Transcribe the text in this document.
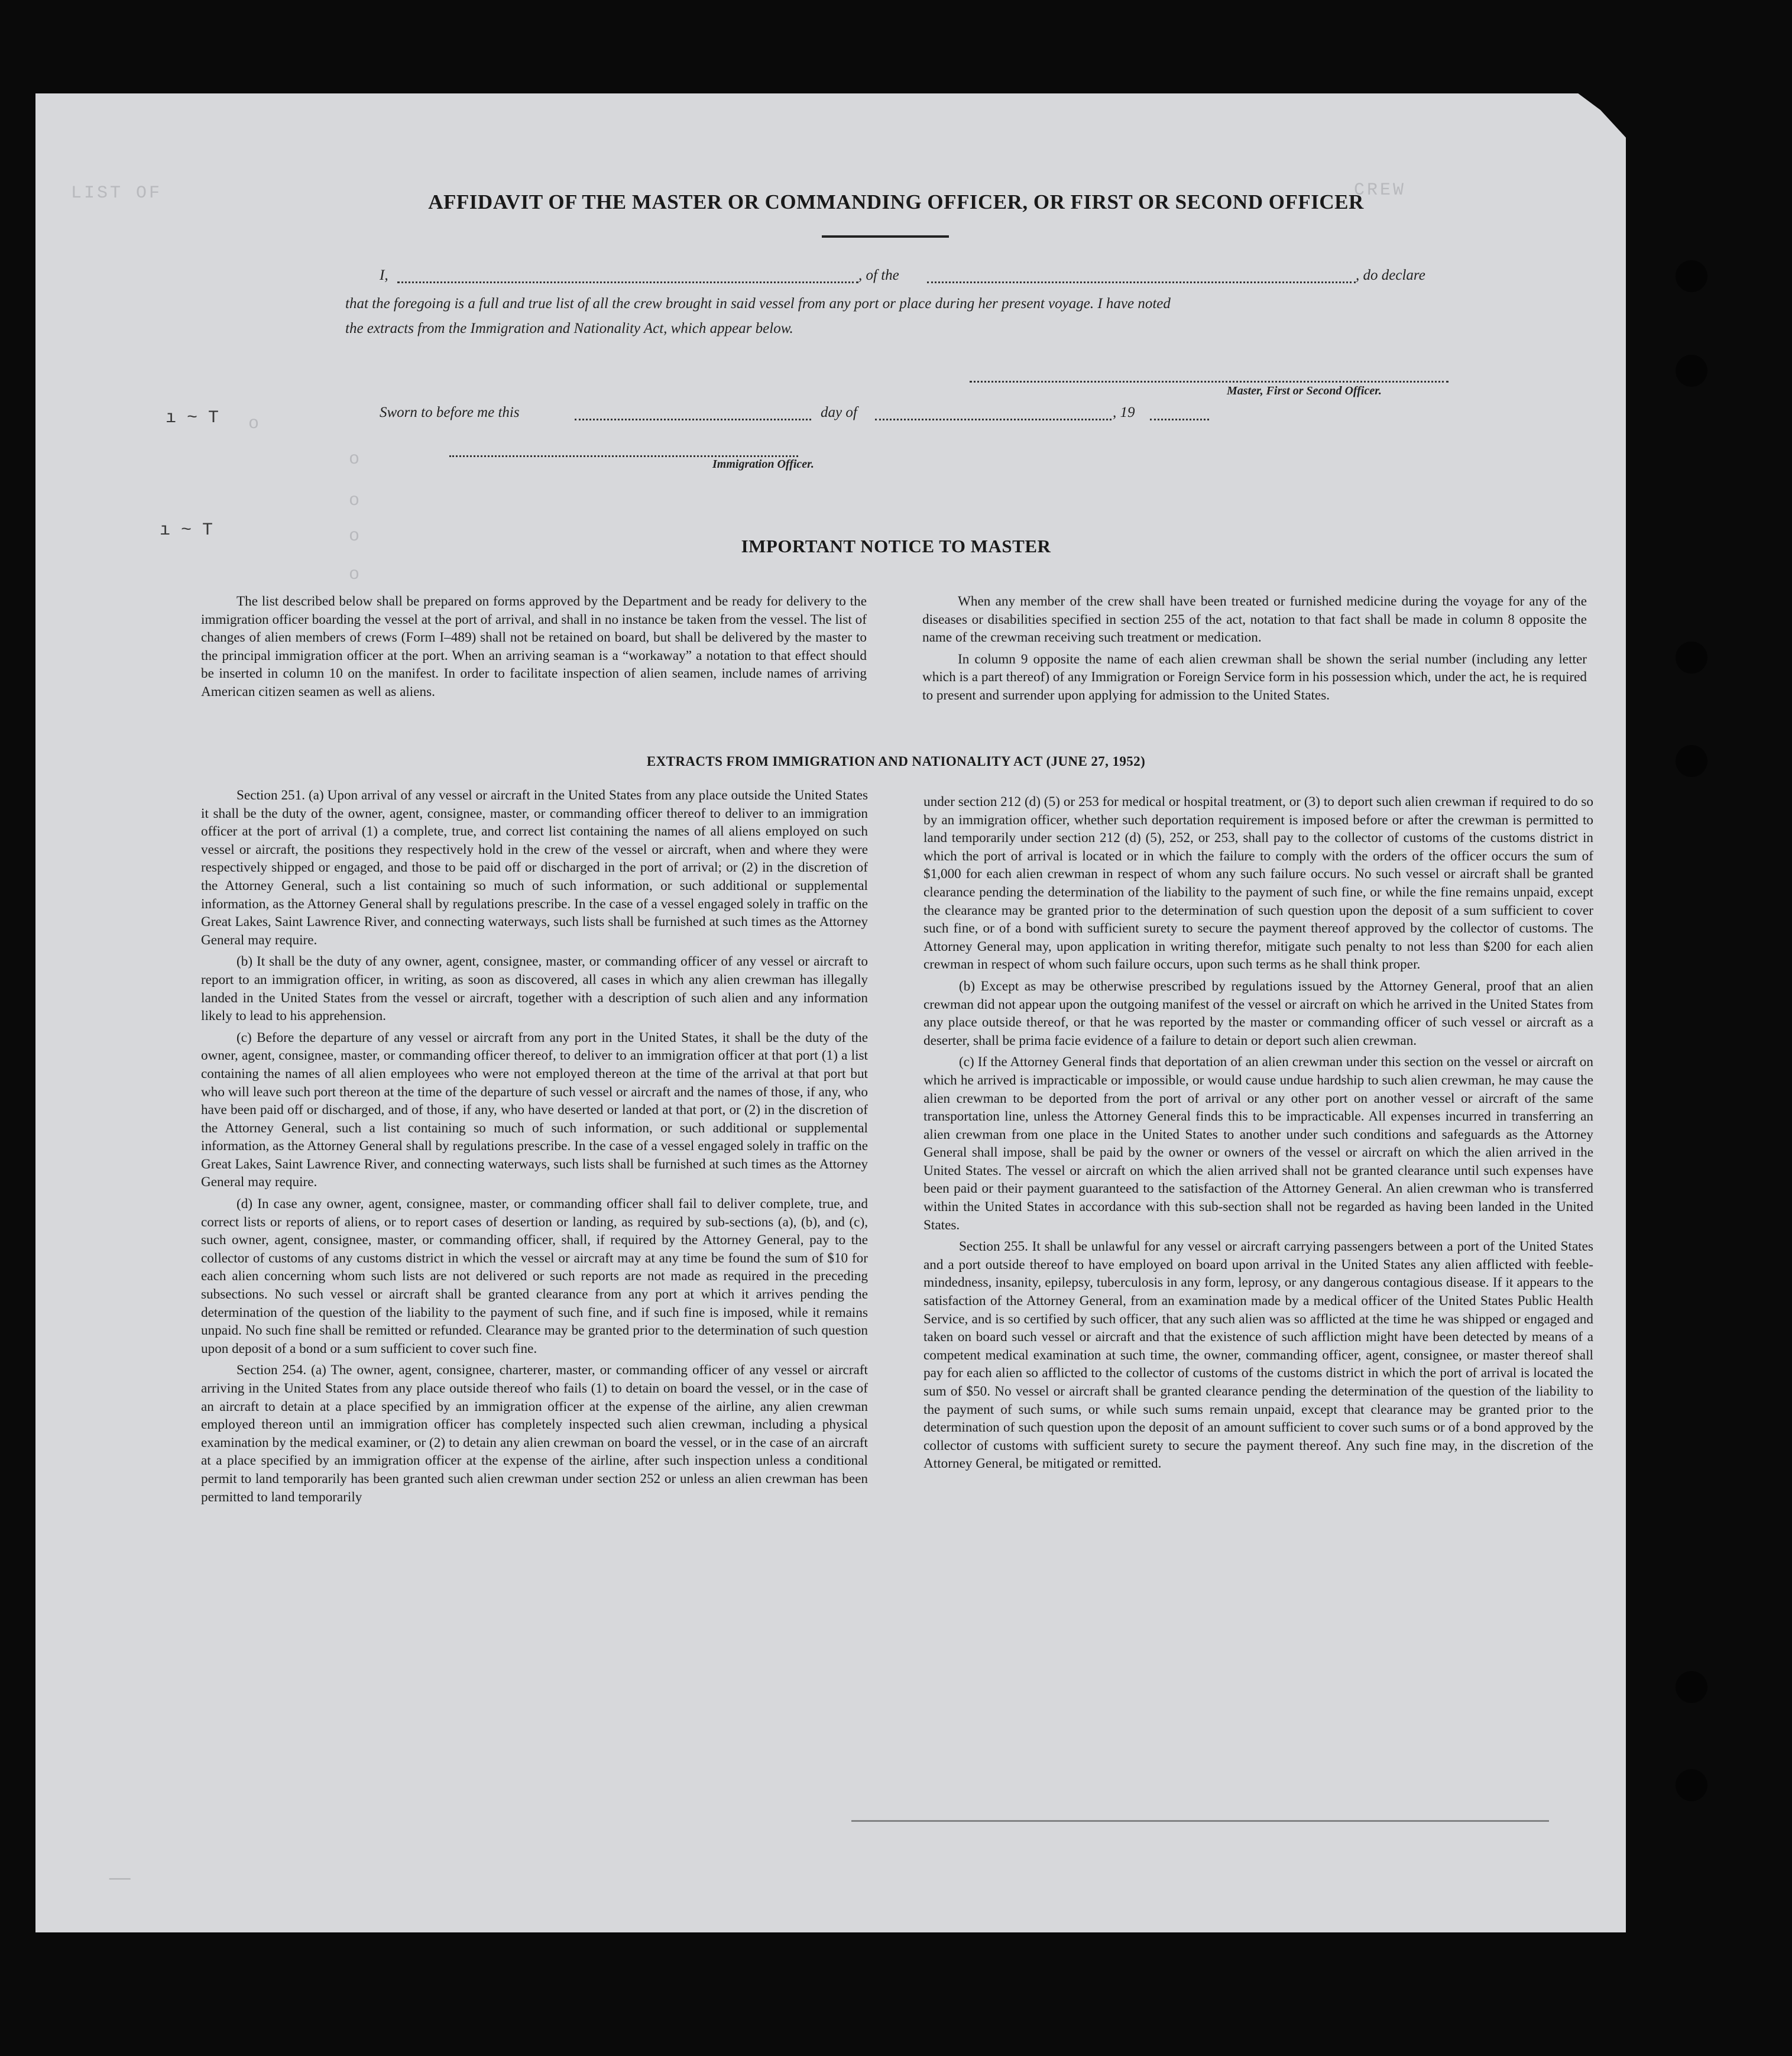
LIST OF	CREW
o
o
o
o
o
ı ~ T
ı ~ T
AFFIDAVIT OF THE MASTER OR COMMANDING OFFICER, OR FIRST OR SECOND OFFICER
I,	, of the	, do declare
that the foregoing is a full and true list of all the crew brought in said vessel from any port or place during her present voyage. I have noted
the extracts from the Immigration and Nationality Act, which appear below.
Master, First or Second Officer.
Sworn to before me this	day of	, 19
Immigration Officer.
IMPORTANT NOTICE TO MASTER

The list described below shall be prepared on forms approved by the Department and be ready for delivery to the immigration officer boarding the vessel at the port of arrival, and shall in no instance be taken from the vessel. The list of changes of alien members of crews (Form I–489) shall not be retained on board, but shall be delivered by the master to the principal immigration officer at the port. When an arriving seaman is a “workaway” a notation to that effect should be inserted in column 10 on the manifest. In order to facilitate inspection of alien seamen, include names of arriving American citizen seamen as well as aliens.

When any member of the crew shall have been treated or furnished medicine during the voyage for any of the diseases or disabilities specified in section 255 of the act, notation to that fact shall be made in column 8 opposite the name of the crewman receiving such treatment or medication.

In column 9 opposite the name of each alien crewman shall be shown the serial number (including any letter which is a part thereof) of any Immigration or Foreign Service form in his possession which, under the act, he is required to present and surrender upon applying for admission to the United States.

EXTRACTS FROM IMMIGRATION AND NATIONALITY ACT (JUNE 27, 1952)

Section 251. (a) Upon arrival of any vessel or aircraft in the United States from any place outside the United States it shall be the duty of the owner, agent, consignee, master, or commanding officer thereof to deliver to an immigration officer at the port of arrival (1) a complete, true, and correct list containing the names of all aliens employed on such vessel or aircraft, the positions they respectively hold in the crew of the vessel or aircraft, when and where they were respectively shipped or engaged, and those to be paid off or discharged in the port of arrival; or (2) in the discretion of the Attorney General, such a list containing so much of such information, or such additional or supplemental information, as the Attorney General shall by regulations prescribe. In the case of a vessel engaged solely in traffic on the Great Lakes, Saint Lawrence River, and connecting waterways, such lists shall be furnished at such times as the Attorney General may require.

(b) It shall be the duty of any owner, agent, consignee, master, or commanding officer of any vessel or aircraft to report to an immigration officer, in writing, as soon as discovered, all cases in which any alien crewman has illegally landed in the United States from the vessel or aircraft, together with a description of such alien and any information likely to lead to his apprehension.

(c) Before the departure of any vessel or aircraft from any port in the United States, it shall be the duty of the owner, agent, consignee, master, or commanding officer thereof, to deliver to an immigration officer at that port (1) a list containing the names of all alien employees who were not employed thereon at the time of the arrival at that port but who will leave such port thereon at the time of the departure of such vessel or aircraft and the names of those, if any, who have been paid off or discharged, and of those, if any, who have deserted or landed at that port, or (2) in the discretion of the Attorney General, such a list containing so much of such information, or such additional or supplemental information, as the Attorney General shall by regulations prescribe. In the case of a vessel engaged solely in traffic on the Great Lakes, Saint Lawrence River, and connecting waterways, such lists shall be furnished at such times as the Attorney General may require.

(d) In case any owner, agent, consignee, master, or commanding officer shall fail to deliver complete, true, and correct lists or reports of aliens, or to report cases of desertion or landing, as required by sub-sections (a), (b), and (c), such owner, agent, consignee, master, or commanding officer, shall, if required by the Attorney General, pay to the collector of customs of any customs district in which the vessel or aircraft may at any time be found the sum of $10 for each alien concerning whom such lists are not delivered or such reports are not made as required in the preceding subsections. No such vessel or aircraft shall be granted clearance from any port at which it arrives pending the determination of the question of the liability to the payment of such fine, and if such fine is imposed, while it remains unpaid. No such fine shall be remitted or refunded. Clearance may be granted prior to the determination of such question upon deposit of a bond or a sum sufficient to cover such fine.

Section 254. (a) The owner, agent, consignee, charterer, master, or commanding officer of any vessel or aircraft arriving in the United States from any place outside thereof who fails (1) to detain on board the vessel, or in the case of an aircraft to detain at a place specified by an immigration officer at the expense of the airline, any alien crewman employed thereon until an immigration officer has completely inspected such alien crewman, including a physical examination by the medical examiner, or (2) to detain any alien crewman on board the vessel, or in the case of an aircraft at a place specified by an immigration officer at the expense of the airline, after such inspection unless a conditional permit to land temporarily has been granted such alien crewman under section 252 or unless an alien crewman has been permitted to land temporarily

under section 212 (d) (5) or 253 for medical or hospital treatment, or (3) to deport such alien crewman if required to do so by an immigration officer, whether such deportation requirement is imposed before or after the crewman is permitted to land temporarily under section 212 (d) (5), 252, or 253, shall pay to the collector of customs of the customs district in which the port of arrival is located or in which the failure to comply with the orders of the officer occurs the sum of $1,000 for each alien crewman in respect of whom any such failure occurs. No such vessel or aircraft shall be granted clearance pending the determination of the liability to the payment of such fine, or while the fine remains unpaid, except the clearance may be granted prior to the determination of such question upon the deposit of a sum sufficient to cover such fine, or of a bond with sufficient surety to secure the payment thereof approved by the collector of customs. The Attorney General may, upon application in writing therefor, mitigate such penalty to not less than $200 for each alien crewman in respect of whom such failure occurs, upon such terms as he shall think proper.

(b) Except as may be otherwise prescribed by regulations issued by the Attorney General, proof that an alien crewman did not appear upon the outgoing manifest of the vessel or aircraft on which he arrived in the United States from any place outside thereof, or that he was reported by the master or commanding officer of such vessel or aircraft as a deserter, shall be prima facie evidence of a failure to detain or deport such alien crewman.

(c) If the Attorney General finds that deportation of an alien crewman under this section on the vessel or aircraft on which he arrived is impracticable or impossible, or would cause undue hardship to such alien crewman, he may cause the alien crewman to be deported from the port of arrival or any other port on another vessel or aircraft of the same transportation line, unless the Attorney General finds this to be impracticable. All expenses incurred in transferring an alien crewman from one place in the United States to another under such conditions and safeguards as the Attorney General shall impose, shall be paid by the owner or owners of the vessel or aircraft on which the alien arrived in the United States. The vessel or aircraft on which the alien arrived shall not be granted clearance until such expenses have been paid or their payment guaranteed to the satisfaction of the Attorney General. An alien crewman who is transferred within the United States in accordance with this sub-section shall not be regarded as having been landed in the United States.

Section 255. It shall be unlawful for any vessel or aircraft carrying passengers between a port of the United States and a port outside thereof to have employed on board upon arrival in the United States any alien afflicted with feeble-mindedness, insanity, epilepsy, tuberculosis in any form, leprosy, or any dangerous contagious disease. If it appears to the satisfaction of the Attorney General, from an examination made by a medical officer of the United States Public Health Service, and is so certified by such officer, that any such alien was so afflicted at the time he was shipped or engaged and taken on board such vessel or aircraft and that the existence of such affliction might have been detected by means of a competent medical examination at such time, the owner, commanding officer, agent, consignee, or master thereof shall pay for each alien so afflicted to the collector of customs of the customs district in which the port of arrival is located the sum of $50. No vessel or aircraft shall be granted clearance pending the determination of the question of the liability to the payment of such sums, or while such sums remain unpaid, except that clearance may be granted prior to the determination of such question upon the deposit of an amount sufficient to cover such sums or of a bond approved by the collector of customs with sufficient surety to secure the payment thereof. Any such fine may, in the discretion of the Attorney General, be mitigated or remitted.

—
